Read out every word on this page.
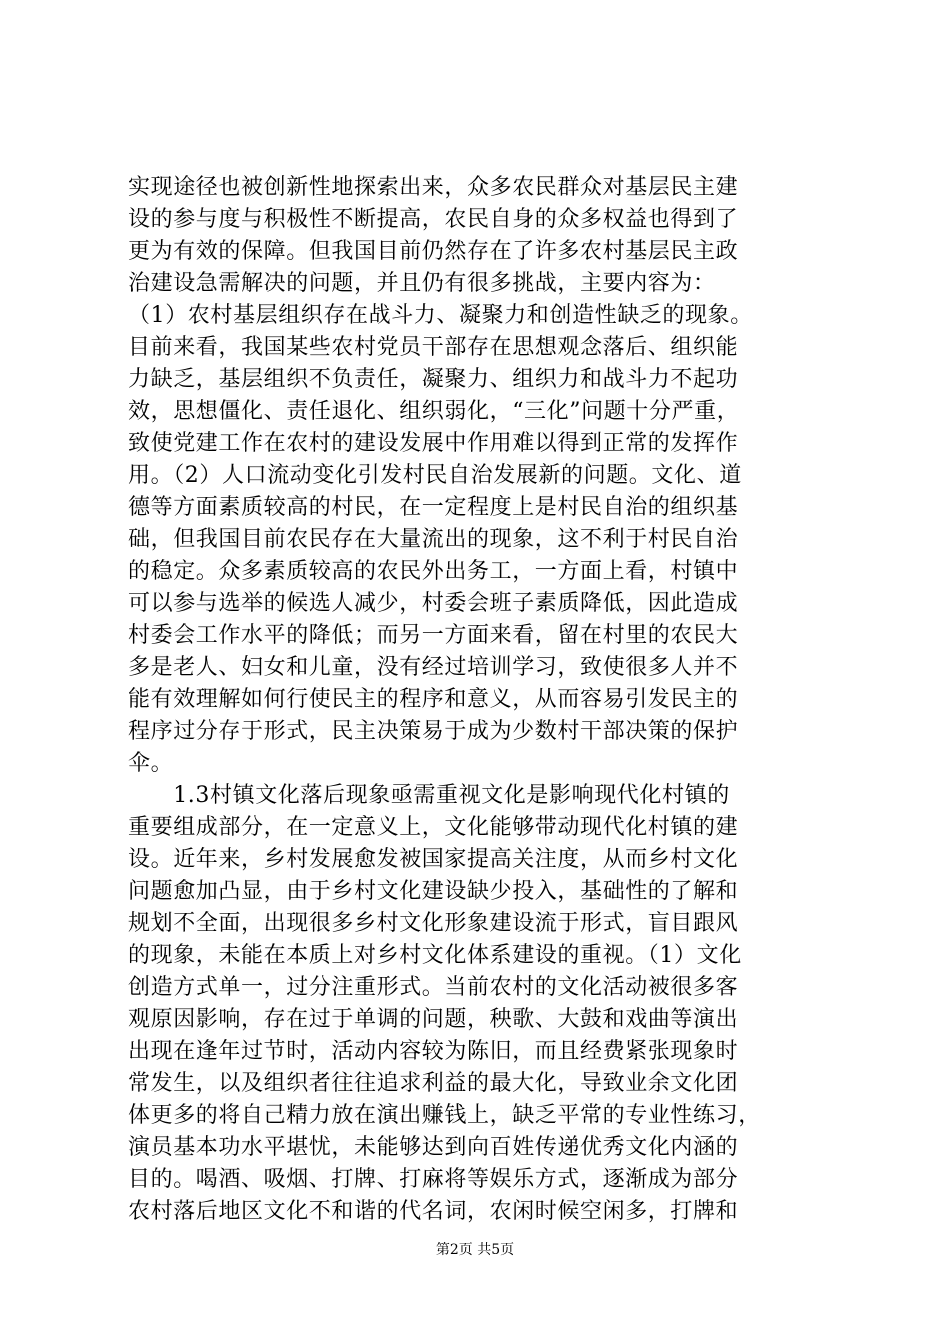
实现途径也被创新性地探索出来，众多农民群众对基层民主建
设的参与度与积极性不断提高，农民自身的众多权益也得到了
更为有效的保障。但我国目前仍然存在了许多农村基层民主政
治建设急需解决的问题，并且仍有很多挑战，主要内容为：
（1）农村基层组织存在战斗力、凝聚力和创造性缺乏的现象。
目前来看，我国某些农村党员干部存在思想观念落后、组织能
力缺乏，基层组织不负责任，凝聚力、组织力和战斗力不起功
效，思想僵化、责任退化、组织弱化，“三化”问题十分严重，
致使党建工作在农村的建设发展中作用难以得到正常的发挥作
用。（2）人口流动变化引发村民自治发展新的问题。文化、道
德等方面素质较高的村民，在一定程度上是村民自治的组织基
础，但我国目前农民存在大量流出的现象，这不利于村民自治
的稳定。众多素质较高的农民外出务工，一方面上看，村镇中
可以参与选举的候选人减少，村委会班子素质降低，因此造成
村委会工作水平的降低；而另一方面来看，留在村里的农民大
多是老人、妇女和儿童，没有经过培训学习，致使很多人并不
能有效理解如何行使民主的程序和意义，从而容易引发民主的
程序过分存于形式，民主决策易于成为少数村干部决策的保护
伞。
　　1.3村镇文化落后现象亟需重视文化是影响现代化村镇的
重要组成部分，在一定意义上，文化能够带动现代化村镇的建
设。近年来，乡村发展愈发被国家提高关注度，从而乡村文化
问题愈加凸显，由于乡村文化建设缺少投入，基础性的了解和
规划不全面，出现很多乡村文化形象建设流于形式，盲目跟风
的现象，未能在本质上对乡村文化体系建设的重视。（1）文化
创造方式单一，过分注重形式。当前农村的文化活动被很多客
观原因影响，存在过于单调的问题，秧歌、大鼓和戏曲等演出
出现在逢年过节时，活动内容较为陈旧，而且经费紧张现象时
常发生，以及组织者往往追求利益的最大化，导致业余文化团
体更多的将自己精力放在演出赚钱上，缺乏平常的专业性练习，
演员基本功水平堪忧，未能够达到向百姓传递优秀文化内涵的
目的。喝酒、吸烟、打牌、打麻将等娱乐方式，逐渐成为部分
农村落后地区文化不和谐的代名词，农闲时候空闲多，打牌和
第2页 共5页
